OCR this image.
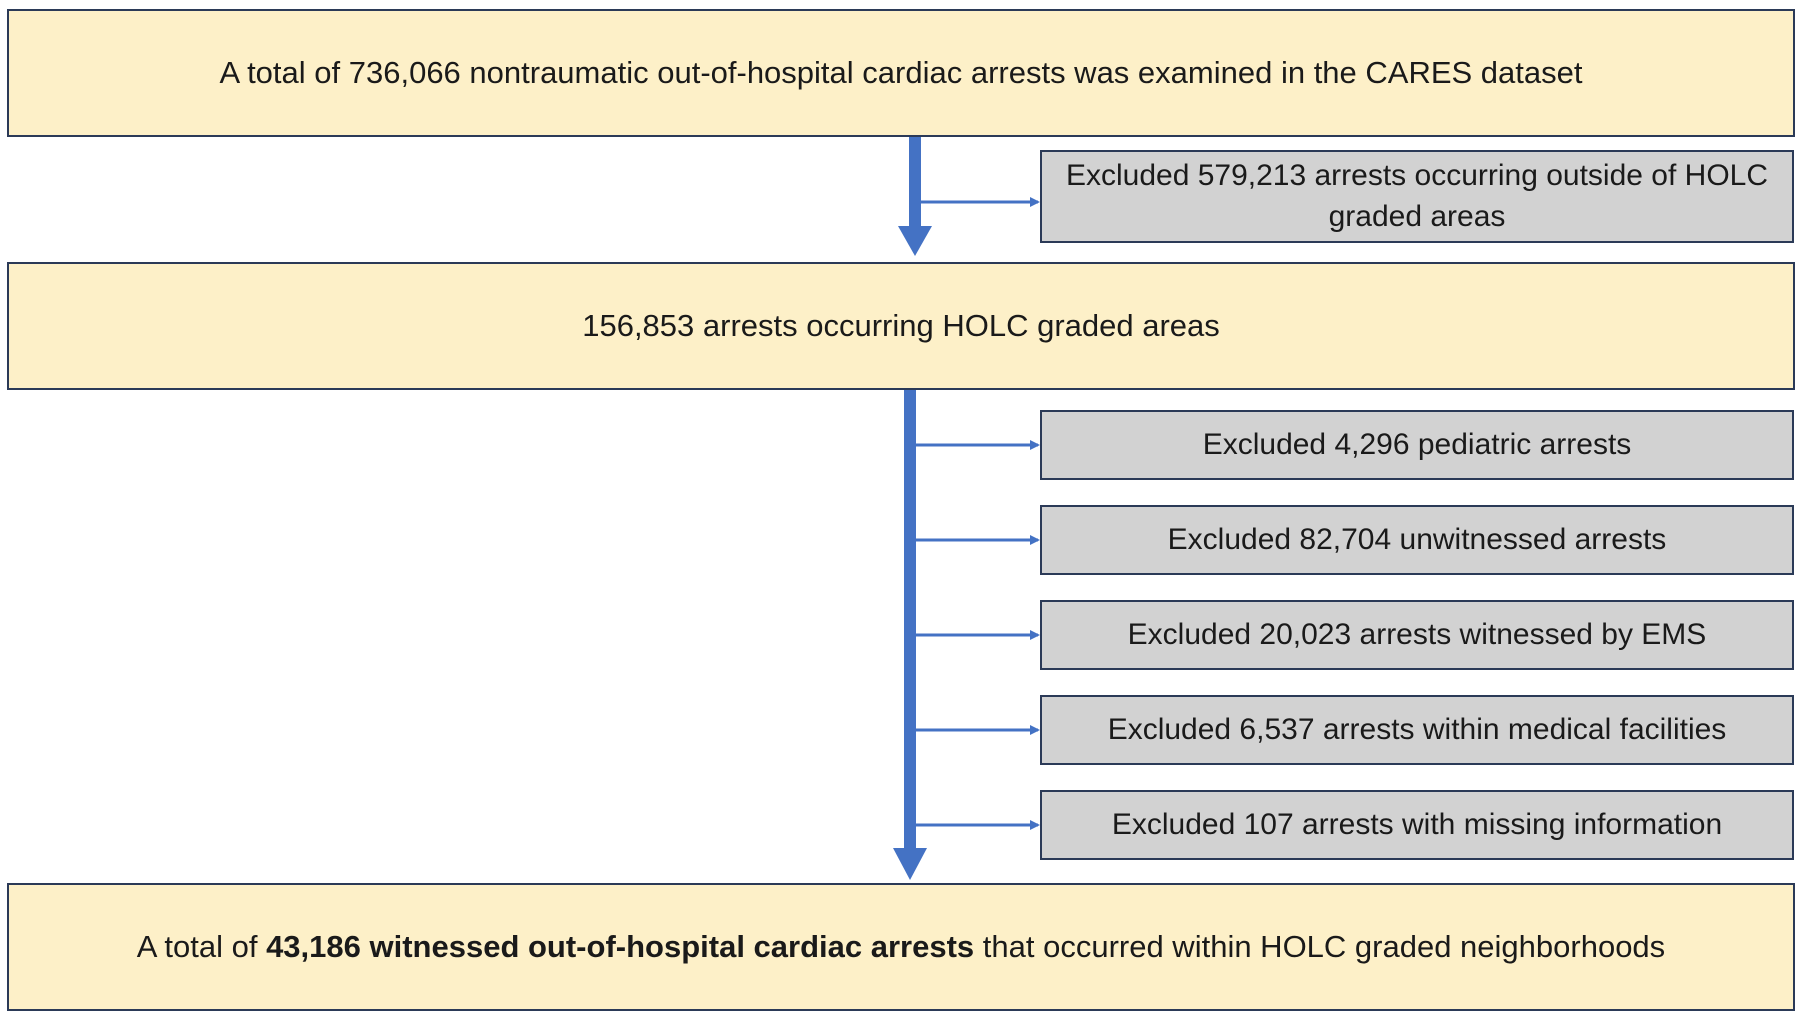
A total of 736,066 nontraumatic out-of-hospital cardiac arrests was examined in the CARES dataset
Excluded 579,213 arrests occurring outside of HOLC graded areas
156,853 arrests occurring HOLC graded areas
Excluded 4,296 pediatric arrests
Excluded 82,704 unwitnessed arrests
Excluded 20,023 arrests witnessed by EMS
Excluded 6,537 arrests within medical facilities
Excluded 107 arrests with missing information
A total of 43,186 witnessed out-of-hospital cardiac arrests that occurred within HOLC graded neighborhoods
